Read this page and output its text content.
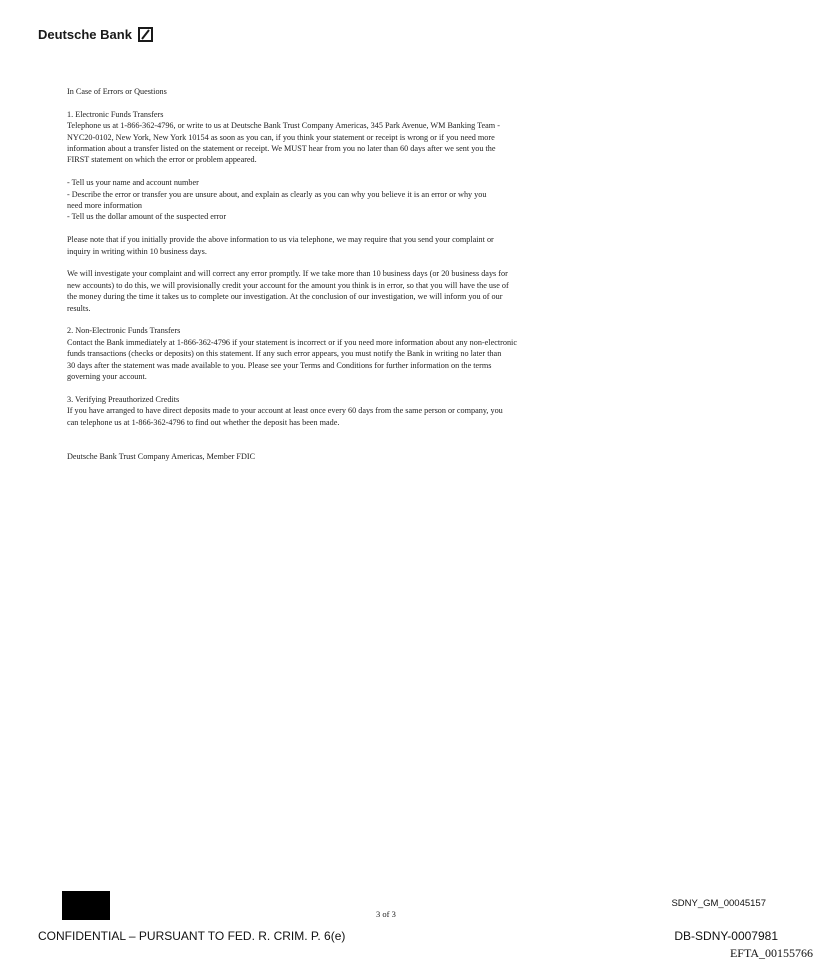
Deutsche Bank
In Case of Errors or Questions
1. Electronic Funds Transfers
Telephone us at 1-866-362-4796, or write to us at Deutsche Bank Trust Company Americas, 345 Park Avenue, WM Banking Team -
NYC20-0102, New York, New York 10154 as soon as you can, if you think your statement or receipt is wrong or if you need more
information about a transfer listed on the statement or receipt. We MUST hear from you no later than 60 days after we sent you the
FIRST statement on which the error or problem appeared.
- Tell us your name and account number
- Describe the error or transfer you are unsure about, and explain as clearly as you can why you believe it is an error or why you
need more information
- Tell us the dollar amount of the suspected error
Please note that if you initially provide the above information to us via telephone, we may require that you send your complaint or
inquiry in writing within 10 business days.
We will investigate your complaint and will correct any error promptly. If we take more than 10 business days (or 20 business days for
new accounts) to do this, we will provisionally credit your account for the amount you think is in error, so that you will have the use of
the money during the time it takes us to complete our investigation. At the conclusion of our investigation, we will inform you of our
results.
2. Non-Electronic Funds Transfers
Contact the Bank immediately at 1-866-362-4796 if your statement is incorrect or if you need more information about any non-electronic
funds transactions (checks or deposits) on this statement. If any such error appears, you must notify the Bank in writing no later than
30 days after the statement was made available to you. Please see your Terms and Conditions for further information on the terms
governing your account.
3. Verifying Preauthorized Credits
If you have arranged to have direct deposits made to your account at least once every 60 days from the same person or company, you
can telephone us at 1-866-362-4796 to find out whether the deposit has been made.
Deutsche Bank Trust Company Americas, Member FDIC
3 of 3
SDNY_GM_00045157
CONFIDENTIAL – PURSUANT TO FED. R. CRIM. P. 6(e)	DB-SDNY-0007981
EFTA_00155766
